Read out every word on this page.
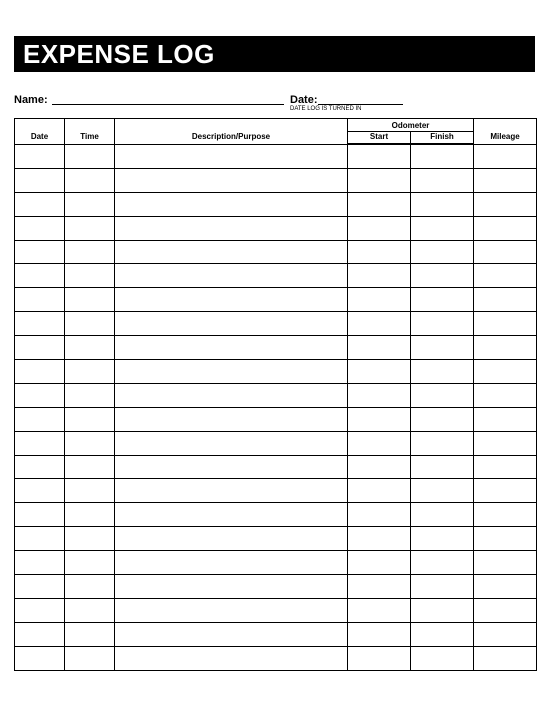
EXPENSE LOG
Name:	Date:
DATE LOG IS TURNED IN
Date	Time	Description/Purpose	Odometer		Mileage
			Start	Finish	
